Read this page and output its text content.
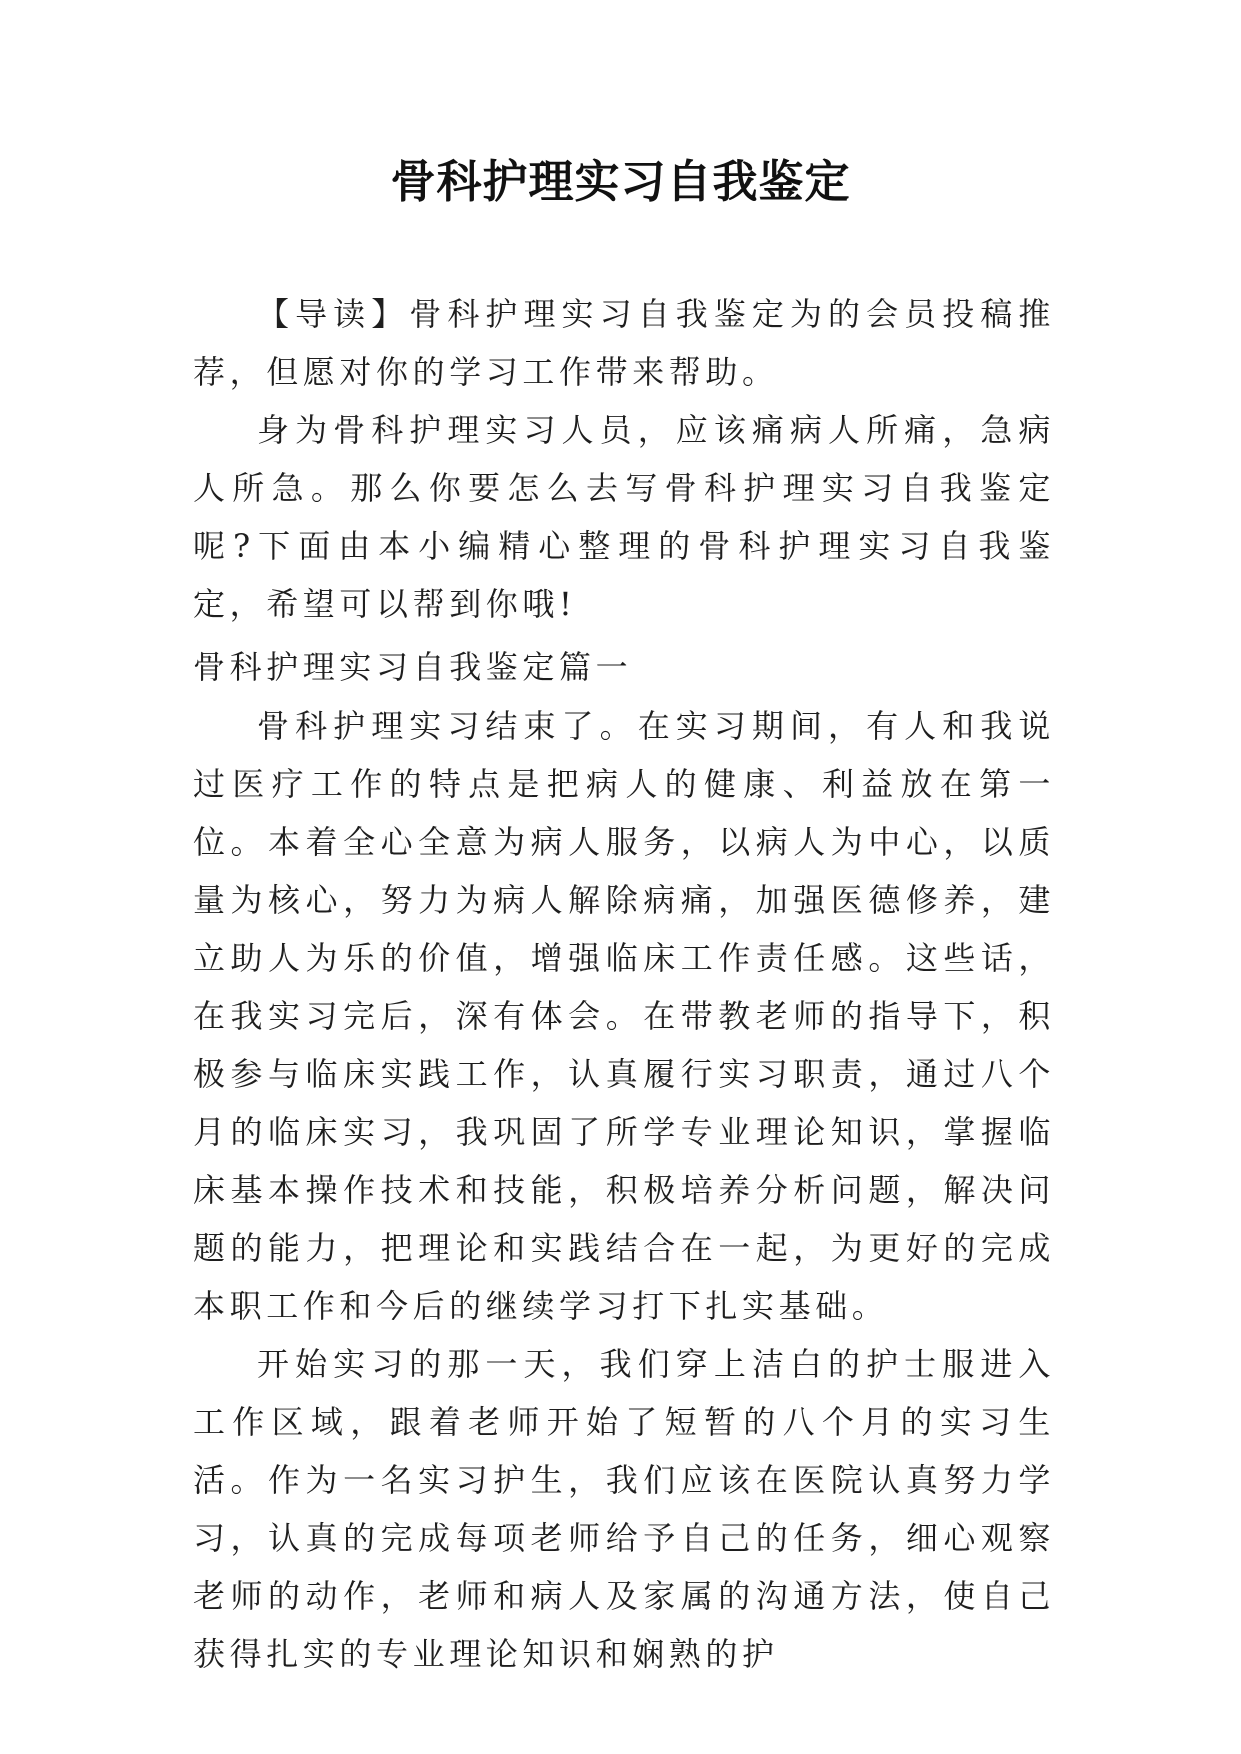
骨科护理实习自我鉴定

【导读】骨科护理实习自我鉴定为的会员投稿推荐，但愿对你的学习工作带来帮助。

身为骨科护理实习人员，应该痛病人所痛，急病人所急。那么你要怎么去写骨科护理实习自我鉴定呢?下面由本小编精心整理的骨科护理实习自我鉴定，希望可以帮到你哦!

骨科护理实习自我鉴定篇一

骨科护理实习结束了。在实习期间，有人和我说过医疗工作的特点是把病人的健康、利益放在第一位。本着全心全意为病人服务，以病人为中心，以质量为核心，努力为病人解除病痛，加强医德修养，建立助人为乐的价值，增强临床工作责任感。这些话，在我实习完后，深有体会。在带教老师的指导下，积极参与临床实践工作，认真履行实习职责，通过八个月的临床实习，我巩固了所学专业理论知识，掌握临床基本操作技术和技能，积极培养分析问题，解决问题的能力，把理论和实践结合在一起，为更好的完成本职工作和今后的继续学习打下扎实基础。

开始实习的那一天，我们穿上洁白的护士服进入工作区域，跟着老师开始了短暂的八个月的实习生活。作为一名实习护生，我们应该在医院认真努力学习，认真的完成每项老师给予自己的任务，细心观察老师的动作，老师和病人及家属的沟通方法，使自己获得扎实的专业理论知识和娴熟的护
